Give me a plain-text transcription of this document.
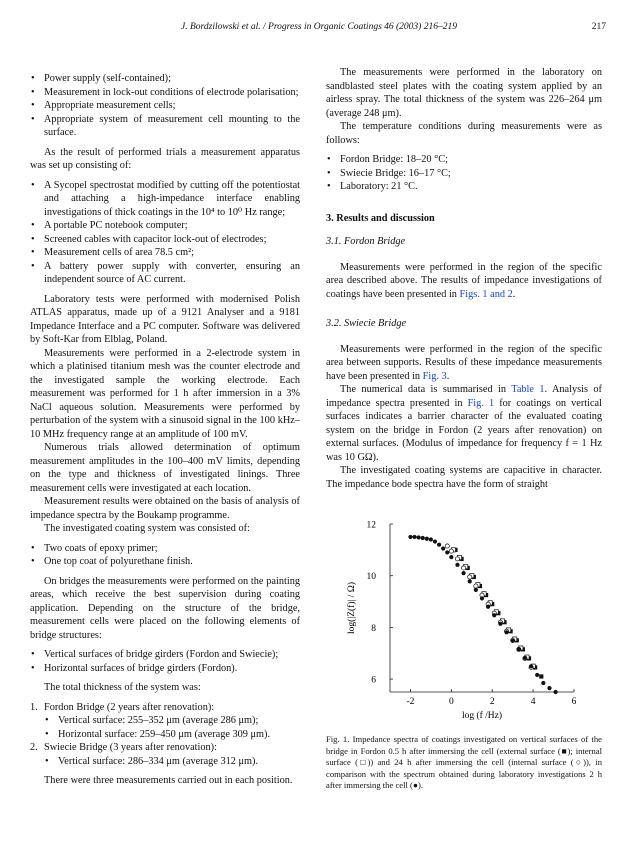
J. Bordzilowski et al. / Progress in Organic Coatings 46 (2003) 216–219	217
• Power supply (self-contained);
• Measurement in lock-out conditions of electrode polarisation;
• Appropriate measurement cells;
• Appropriate system of measurement cell mounting to the surface.

As the result of performed trials a measurement apparatus was set up consisting of:

• A Sycopel spectrostat modified by cutting off the potentiostat and attaching a high-impedance interface enabling investigations of thick coatings in the 10⁴ to 10⁰ Hz range;
• A portable PC notebook computer;
• Screened cables with capacitor lock-out of electrodes;
• Measurement cells of area 78.5 cm²;
• A battery power supply with converter, ensuring an independent source of AC current.

Laboratory tests were performed with modernised Polish ATLAS apparatus, made up of a 9121 Analyser and a 9181 Impedance Interface and a PC computer. Software was delivered by Soft-Kar from Elblag, Poland.

Measurements were performed in a 2-electrode system in which a platinised titanium mesh was the counter electrode and the investigated sample the working electrode. Each measurement was performed for 1 h after immersion in a 3% NaCl aqueous solution. Measurements were performed by perturbation of the system with a sinusoid signal in the 100 kHz–10 MHz frequency range at an amplitude of 100 mV.

Numerous trials allowed determination of optimum measurement amplitudes in the 100–400 mV limits, depending on the type and thickness of investigated linings. Three measurement cells were investigated at each location.

Measurement results were obtained on the basis of analysis of impedance spectra by the Boukamp programme.

The investigated coating system was consisted of:

• Two coats of epoxy primer;
• One top coat of polyurethane finish.

On bridges the measurements were performed on the painting areas, which receive the best supervision during coating application. Depending on the structure of the bridge, measurement cells were placed on the following elements of bridge structures:

• Vertical surfaces of bridge girders (Fordon and Swiecie);
• Horizontal surfaces of bridge girders (Fordon).

The total thickness of the system was:

1. Fordon Bridge (2 years after renovation):
• Vertical surface: 255–352 μm (average 286 μm);
• Horizontal surface: 259–450 μm (average 309 μm).
2. Swiecie Bridge (3 years after renovation):
• Vertical surface: 286–334 μm (average 312 μm).

There were three measurements carried out in each position.

The measurements were performed in the laboratory on sandblasted steel plates with the coating system applied by an airless spray. The total thickness of the system was 226–264 μm (average 248 μm).

The temperature conditions during measurements were as follows:

• Fordon Bridge: 18–20 °C;
• Swiecie Bridge: 16–17 °C;
• Laboratory: 21 °C.
3. Results and discussion
3.1. Fordon Bridge

Measurements were performed in the region of the specific area described above. The results of impedance investigations of coatings have been presented in Figs. 1 and 2.

3.2. Swiecie Bridge

Measurements were performed in the region of the specific area between supports. Results of these impedance measurements have been presented in Fig. 3.

The numerical data is summarised in Table 1. Analysis of impedance spectra presented in Fig. 1 for coatings on vertical surfaces indicates a barrier character of the evaluated coating system on the bridge in Fordon (2 years after renovation) on external surfaces. (Modulus of impedance for frequency f = 1 Hz was 10 GΩ).

The investigated coating systems are capacitive in character. The impedance bode spectra have the form of straight

-2	0	2	4	6
6
8
10
12
log (f /Hz)
log(|Z(f)| / Ω)
Fig. 1. Impedance spectra of coatings investigated on vertical surfaces of the bridge in Fordon 0.5 h after immersing the cell (external surface (■); internal surface (□)) and 24 h after immersing the cell (internal surface (○)), in comparison with the spectrum obtained during laboratory investigations 2 h after immersing the cell (●).
